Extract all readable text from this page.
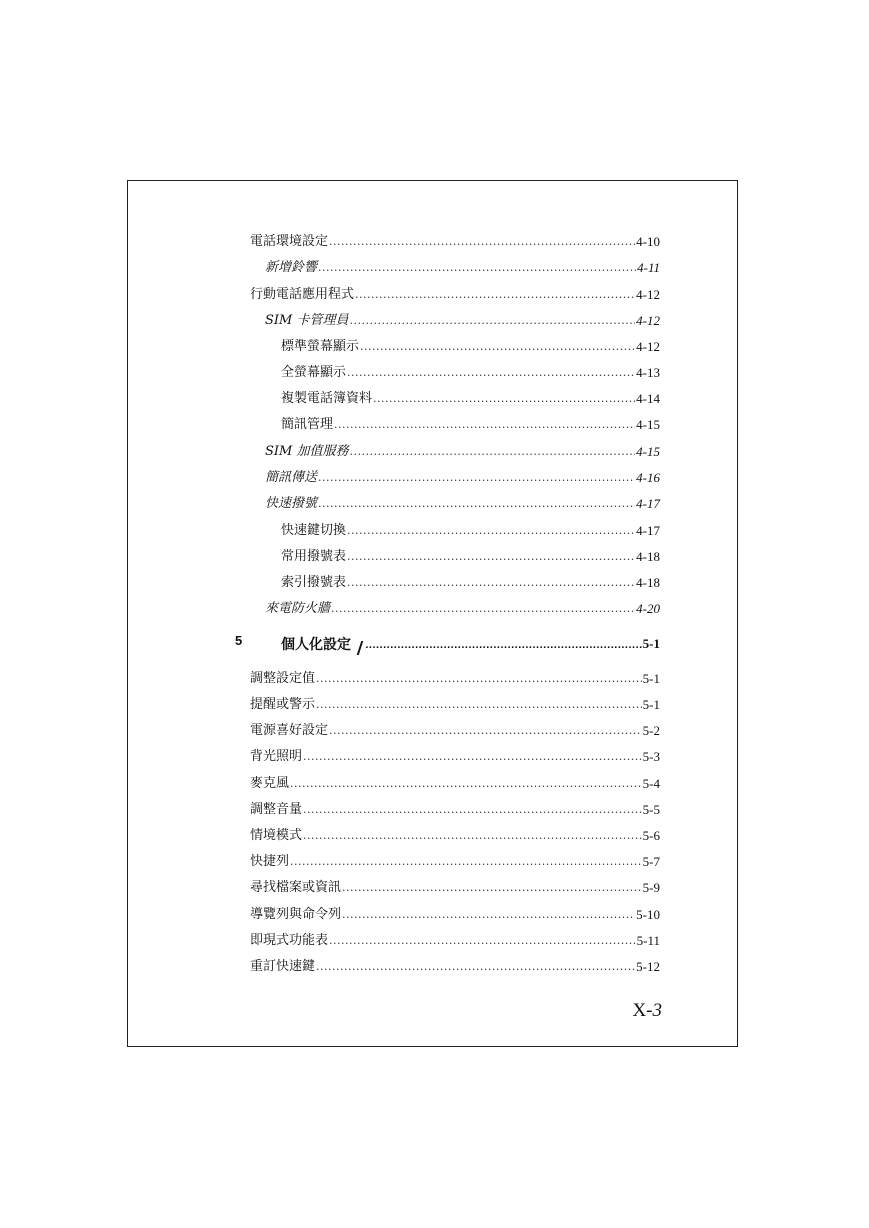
電話環境設定 .....	4-10
新增鈴響 .....	4-11
行動電話應用程式 .....	4-12
SIM 卡管理員 .....	4-12
標準螢幕顯示 .....	4-12
全螢幕顯示 .....	4-13
複製電話簿資料 .....	4-14
簡訊管理 .....	4-15
SIM 加值服務 .....	4-15
簡訊傳送 .....	4-16
快速撥號 .....	4-17
快速鍵切換 .....	4-17
常用撥號表 .....	4-18
索引撥號表 .....	4-18
來電防火牆 .....	4-20
5	個人化設定 .....	5-1
調整設定值 .....	5-1
提醒或警示 .....	5-1
電源喜好設定 .....	5-2
背光照明 .....	5-3
麥克風 .....	5-4
調整音量 .....	5-5
情境模式 .....	5-6
快捷列 .....	5-7
尋找檔案或資訊 .....	5-9
導覽列與命令列 .....	5-10
即現式功能表 .....	5-11
重訂快速鍵 .....	5-12
X-3
